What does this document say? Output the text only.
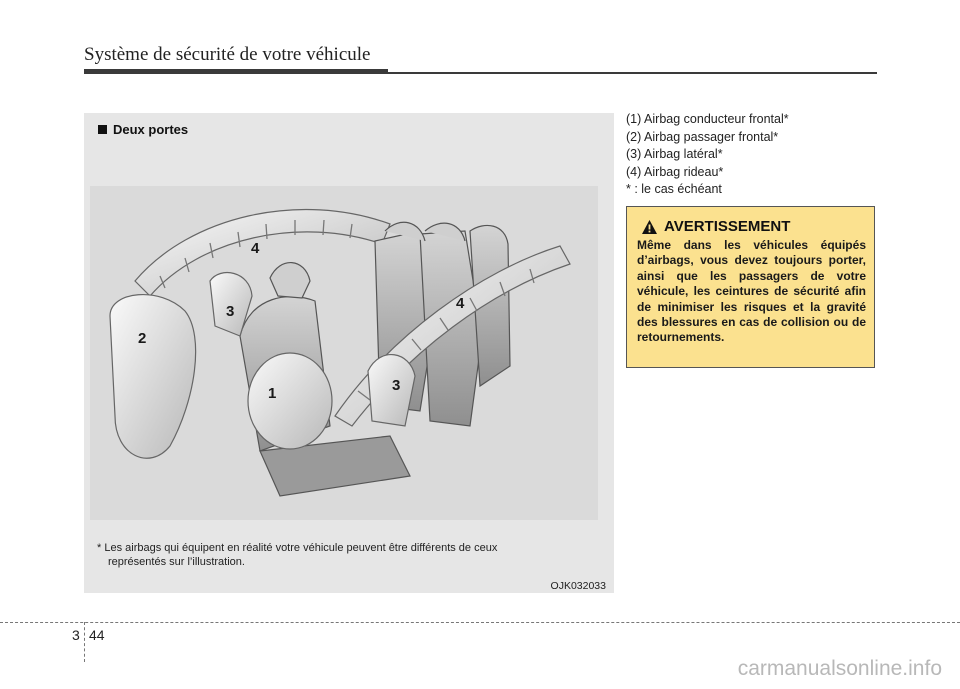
Système de sécurité de votre véhicule
Deux portes
1
2
3
3
4
4
* Les airbags qui équipent en réalité votre véhicule peuvent être différents de ceux
représentés sur l’illustration.
OJK032033
(1) Airbag conducteur frontal*
(2) Airbag passager frontal*
(3) Airbag latéral*
(4) Airbag rideau*
* : le cas échéant
AVERTISSEMENT
Même dans les véhicules équipés d’airbags, vous devez toujours porter, ainsi que les passagers de votre véhicule, les ceintures de sécurité afin de minimiser les risques et la gravité des blessures en cas de collision ou de retournements.
3 44
carmanualsonline.info
